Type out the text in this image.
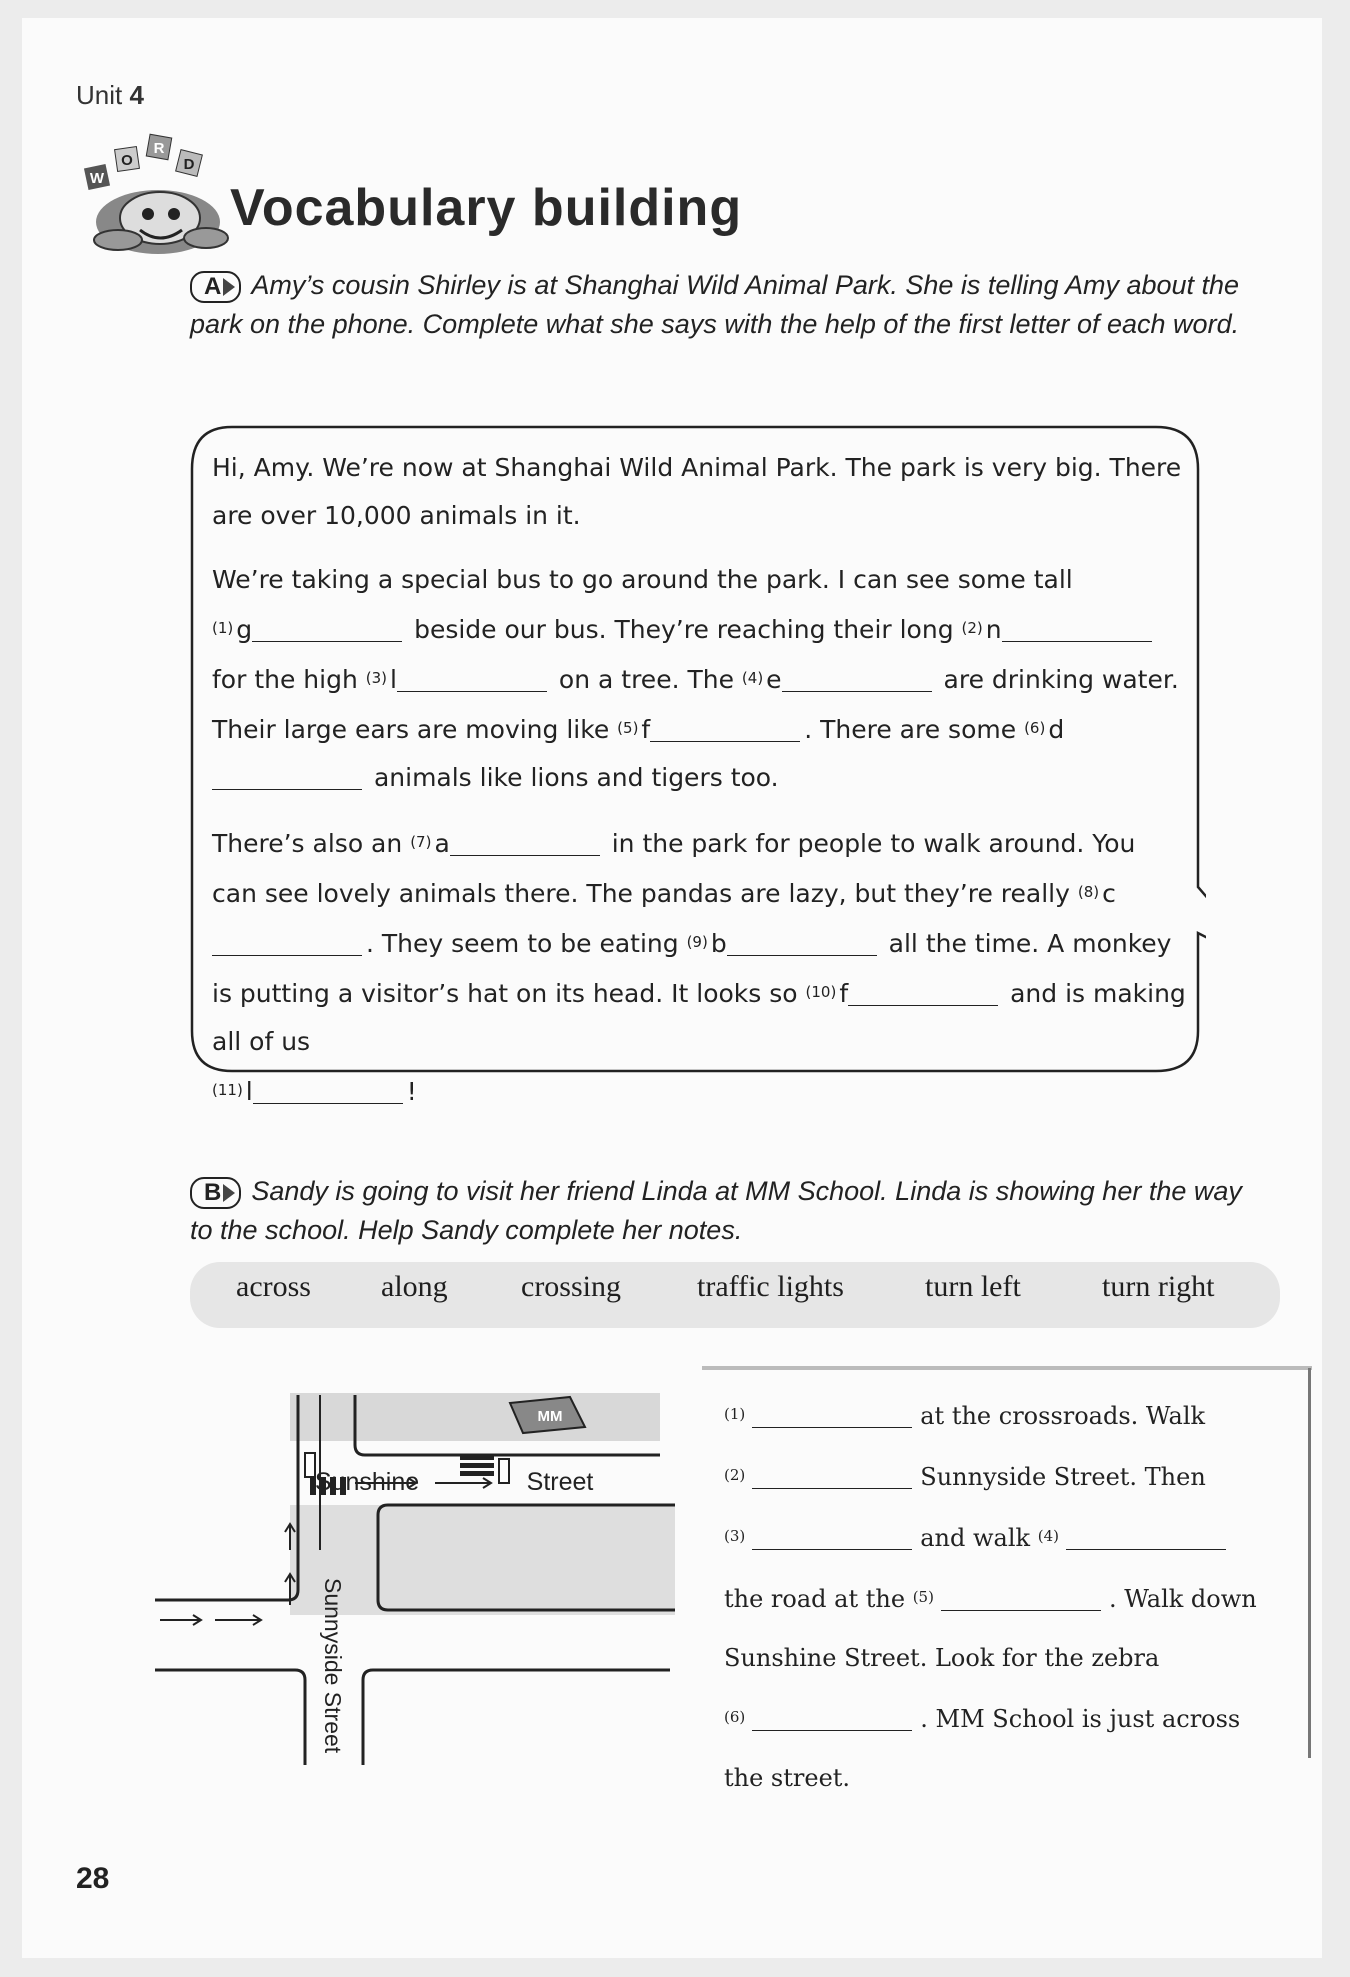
Unit 4
W
O
R
D
Vocabulary building
A Amy’s cousin Shirley is at Shanghai Wild Animal Park. She is telling Amy about the park on the phone. Complete what she says with the help of the first letter of each word.

Hi, Amy. We’re now at Shanghai Wild Animal Park. The park is very big. There are over 10,000 animals in it.

We’re taking a special bus to go around the park. I can see some tall
$^{(1)}$ g	beside our bus. They’re reaching their long $^{(2)}$ n for the high $^{(3)}$ l	on a tree. The $^{(4)}$ e	are drinking water. Their large ears are moving like $^{(5)}$ f	. There are some $^{(6)}$ d animals like lions and tigers too.

There’s also an $^{(7)}$ a	in the park for people to walk around. You can see lovely animals there. The pandas are lazy, but they’re really $^{(8)}$ c. They seem to be eating $^{(9)}$ b	all the time. A monkey is putting a visitor’s hat on its head. It looks so $^{(10)}$ f	and is making all of us
$^{(11)}$ l	!

B Sandy is going to visit her friend Linda at MM School. Linda is showing her the way to the school. Help Sandy complete her notes.
across along crossing	traffic lights	turn left	turn right
MM
Sunshine	Street
Sunnyside Street
$^{(1)}$	at the crossroads. Walk
$^{(2)}$	Sunnyside Street. Then
$^{(3)}$	and walk $^{(4)}$
the road at the $^{(5)}$	. Walk down
Sunshine Street. Look for the zebra
$^{(6)}$	. MM School is just across
the street.
28
